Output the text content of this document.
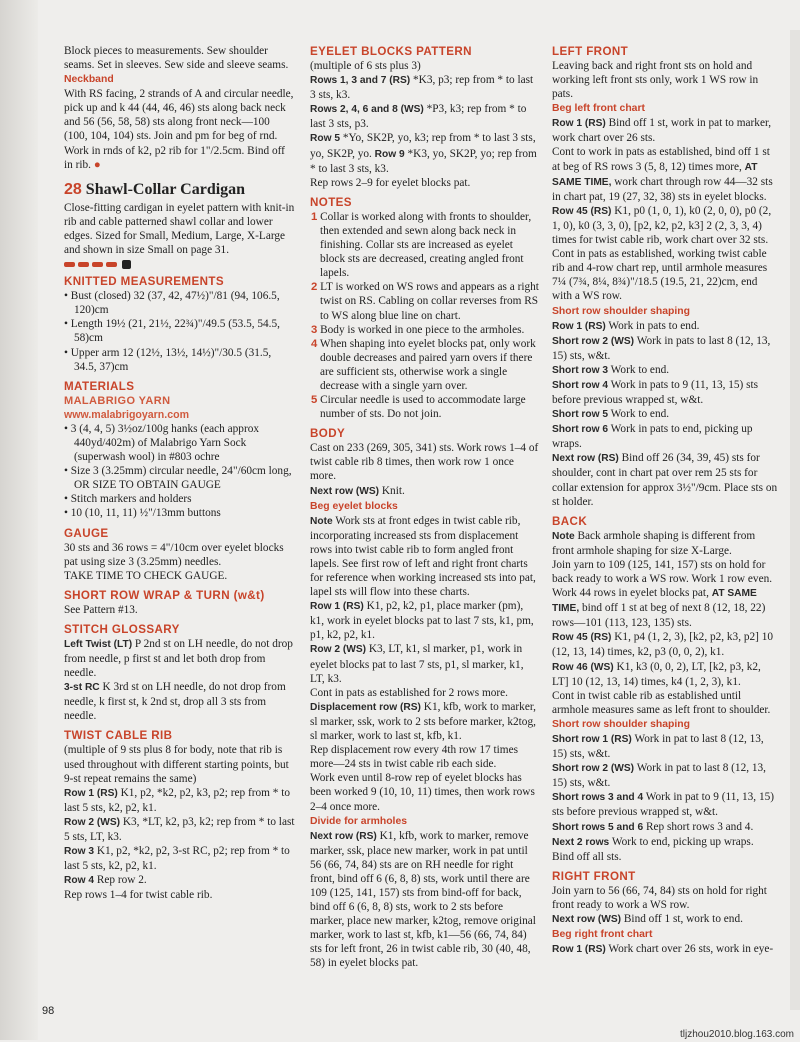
Block pieces to measurements. Sew shoulder seams. Set in sleeves. Sew side and sleeve seams.

Neckband

With RS facing, 2 strands of A and circular needle, pick up and k 44 (44, 46, 46) sts along back neck and 56 (56, 58, 58) sts along front neck—100 (100, 104, 104) sts. Join and pm for beg of rnd. Work in rnds of k2, p2 rib for 1"/2.5cm. Bind off in rib. ●

28 Shawl-Collar Cardigan

Close-fitting cardigan in eyelet pattern with knit-in rib and cable patterned shawl collar and lower edges. Sized for Small, Medium, Large, X-Large and shown in size Small on page 31.

KNITTED MEASUREMENTS

• Bust (closed) 32 (37, 42, 47½)"/81 (94, 106.5, 120)cm

• Length 19½ (21, 21½, 22¾)"/49.5 (53.5, 54.5, 58)cm

• Upper arm 12 (12½, 13½, 14½)"/30.5 (31.5, 34.5, 37)cm

MATERIALS
MALABRIGO YARN
www.malabrigoyarn.com

• 3 (4, 4, 5) 3½oz/100g hanks (each approx 440yd/402m) of Malabrigo Yarn Sock (superwash wool) in #803 ochre

• Size 3 (3.25mm) circular needle, 24"/60cm long, OR SIZE TO OBTAIN GAUGE

• Stitch markers and holders

• 10 (10, 11, 11) ½"/13mm buttons

GAUGE

30 sts and 36 rows = 4"/10cm over eyelet blocks pat using size 3 (3.25mm) needles.

TAKE TIME TO CHECK GAUGE.

SHORT ROW WRAP & TURN (w&t)

See Pattern #13.

STITCH GLOSSARY

Left Twist (LT) P 2nd st on LH needle, do not drop from needle, p first st and let both drop from needle.

3-st RC K 3rd st on LH needle, do not drop from needle, k first st, k 2nd st, drop all 3 sts from needle.

TWIST CABLE RIB

(multiple of 9 sts plus 8 for body, note that rib is used throughout with different starting points, but 9-st repeat remains the same)

Row 1 (RS) K1, p2, *k2, p2, k3, p2; rep from * to last 5 sts, k2, p2, k1.

Row 2 (WS) K3, *LT, k2, p3, k2; rep from * to last 5 sts, LT, k3.

Row 3 K1, p2, *k2, p2, 3-st RC, p2; rep from * to last 5 sts, k2, p2, k1.

Row 4 Rep row 2.

Rep rows 1–4 for twist cable rib.

EYELET BLOCKS PATTERN

(multiple of 6 sts plus 3)

Rows 1, 3 and 7 (RS) *K3, p3; rep from * to last 3 sts, k3.

Rows 2, 4, 6 and 8 (WS) *P3, k3; rep from * to last 3 sts, p3.

Row 5 *Yo, SK2P, yo, k3; rep from * to last 3 sts, yo, SK2P, yo. Row 9 *K3, yo, SK2P, yo; rep from * to last 3 sts, k3.

Rep rows 2–9 for eyelet blocks pat.

NOTES

1 Collar is worked along with fronts to shoulder, then extended and sewn along back neck in finishing. Collar sts are increased as eyelet block sts are decreased, creating angled front lapels.

2 LT is worked on WS rows and appears as a right twist on RS. Cabling on collar reverses from RS to WS along blue line on chart.

3 Body is worked in one piece to the armholes.

4 When shaping into eyelet blocks pat, only work double decreases and paired yarn overs if there are sufficient sts, otherwise work a single decrease with a single yarn over.

5 Circular needle is used to accommodate large number of sts. Do not join.

BODY

Cast on 233 (269, 305, 341) sts. Work rows 1–4 of twist cable rib 8 times, then work row 1 once more.

Next row (WS) Knit.

Beg eyelet blocks

Note Work sts at front edges in twist cable rib, incorporating increased sts from displacement rows into twist cable rib to form angled front lapels. See first row of left and right front charts for reference when working increased sts into pat, lapel sts will flow into these charts.

Row 1 (RS) K1, p2, k2, p1, place marker (pm), k1, work in eyelet blocks pat to last 7 sts, k1, pm, p1, k2, p2, k1.

Row 2 (WS) K3, LT, k1, sl marker, p1, work in eyelet blocks pat to last 7 sts, p1, sl marker, k1, LT, k3.

Cont in pats as established for 2 rows more.

Displacement row (RS) K1, kfb, work to marker, sl marker, ssk, work to 2 sts before marker, k2tog, sl marker, work to last st, kfb, k1.

Rep displacement row every 4th row 17 times more—24 sts in twist cable rib each side.

Work even until 8-row rep of eyelet blocks has been worked 9 (10, 10, 11) times, then work rows 2–4 once more.

Divide for armholes

Next row (RS) K1, kfb, work to marker, remove marker, ssk, place new marker, work in pat until 56 (66, 74, 84) sts are on RH needle for right front, bind off 6 (6, 8, 8) sts, work until there are 109 (125, 141, 157) sts from bind-off for back, bind off 6 (6, 8, 8) sts, work to 2 sts before marker, place new marker, k2tog, remove original marker, work to last st, kfb, k1—56 (66, 74, 84) sts for left front, 26 in twist cable rib, 30 (40, 48, 58) in eyelet blocks pat.

LEFT FRONT

Leaving back and right front sts on hold and working left front sts only, work 1 WS row in pats.

Beg left front chart

Row 1 (RS) Bind off 1 st, work in pat to marker, work chart over 26 sts.

Cont to work in pats as established, bind off 1 st at beg of RS rows 3 (5, 8, 12) times more, AT SAME TIME, work chart through row 44—32 sts in chart pat, 19 (27, 32, 38) sts in eyelet blocks.

Row 45 (RS) K1, p0 (1, 0, 1), k0 (2, 0, 0), p0 (2, 1, 0), k0 (3, 3, 0), [p2, k2, p2, k3] 2 (2, 3, 3, 4) times for twist cable rib, work chart over 32 sts.

Cont in pats as established, working twist cable rib and 4-row chart rep, until armhole measures 7¼ (7¾, 8¼, 8¾)"/18.5 (19.5, 21, 22)cm, end with a WS row.

Short row shoulder shaping

Row 1 (RS) Work in pats to end.

Short row 2 (WS) Work in pats to last 8 (12, 13, 15) sts, w&t.

Short row 3 Work to end.

Short row 4 Work in pats to 9 (11, 13, 15) sts before previous wrapped st, w&t.

Short row 5 Work to end.

Short row 6 Work in pats to end, picking up wraps.

Next row (RS) Bind off 26 (34, 39, 45) sts for shoulder, cont in chart pat over rem 25 sts for collar extension for approx 3½"/9cm. Place sts on st holder.

BACK

Note Back armhole shaping is different from front armhole shaping for size X-Large.

Join yarn to 109 (125, 141, 157) sts on hold for back ready to work a WS row. Work 1 row even.

Work 44 rows in eyelet blocks pat, AT SAME TIME, bind off 1 st at beg of next 8 (12, 18, 22) rows—101 (113, 123, 135) sts.

Row 45 (RS) K1, p4 (1, 2, 3), [k2, p2, k3, p2] 10 (12, 13, 14) times, k2, p3 (0, 0, 2), k1.

Row 46 (WS) K1, k3 (0, 0, 2), LT, [k2, p3, k2, LT] 10 (12, 13, 14) times, k4 (1, 2, 3), k1.

Cont in twist cable rib as established until armhole measures same as left front to shoulder.

Short row shoulder shaping

Short row 1 (RS) Work in pat to last 8 (12, 13, 15) sts, w&t.

Short row 2 (WS) Work in pat to last 8 (12, 13, 15) sts, w&t.

Short rows 3 and 4 Work in pat to 9 (11, 13, 15) sts before previous wrapped st, w&t.

Short rows 5 and 6 Rep short rows 3 and 4.

Next 2 rows Work to end, picking up wraps.

Bind off all sts.

RIGHT FRONT

Join yarn to 56 (66, 74, 84) sts on hold for right front ready to work a WS row.

Next row (WS) Bind off 1 st, work to end.

Beg right front chart

Row 1 (RS) Work chart over 26 sts, work in eye-

98
tljzhou2010.blog.163.com
